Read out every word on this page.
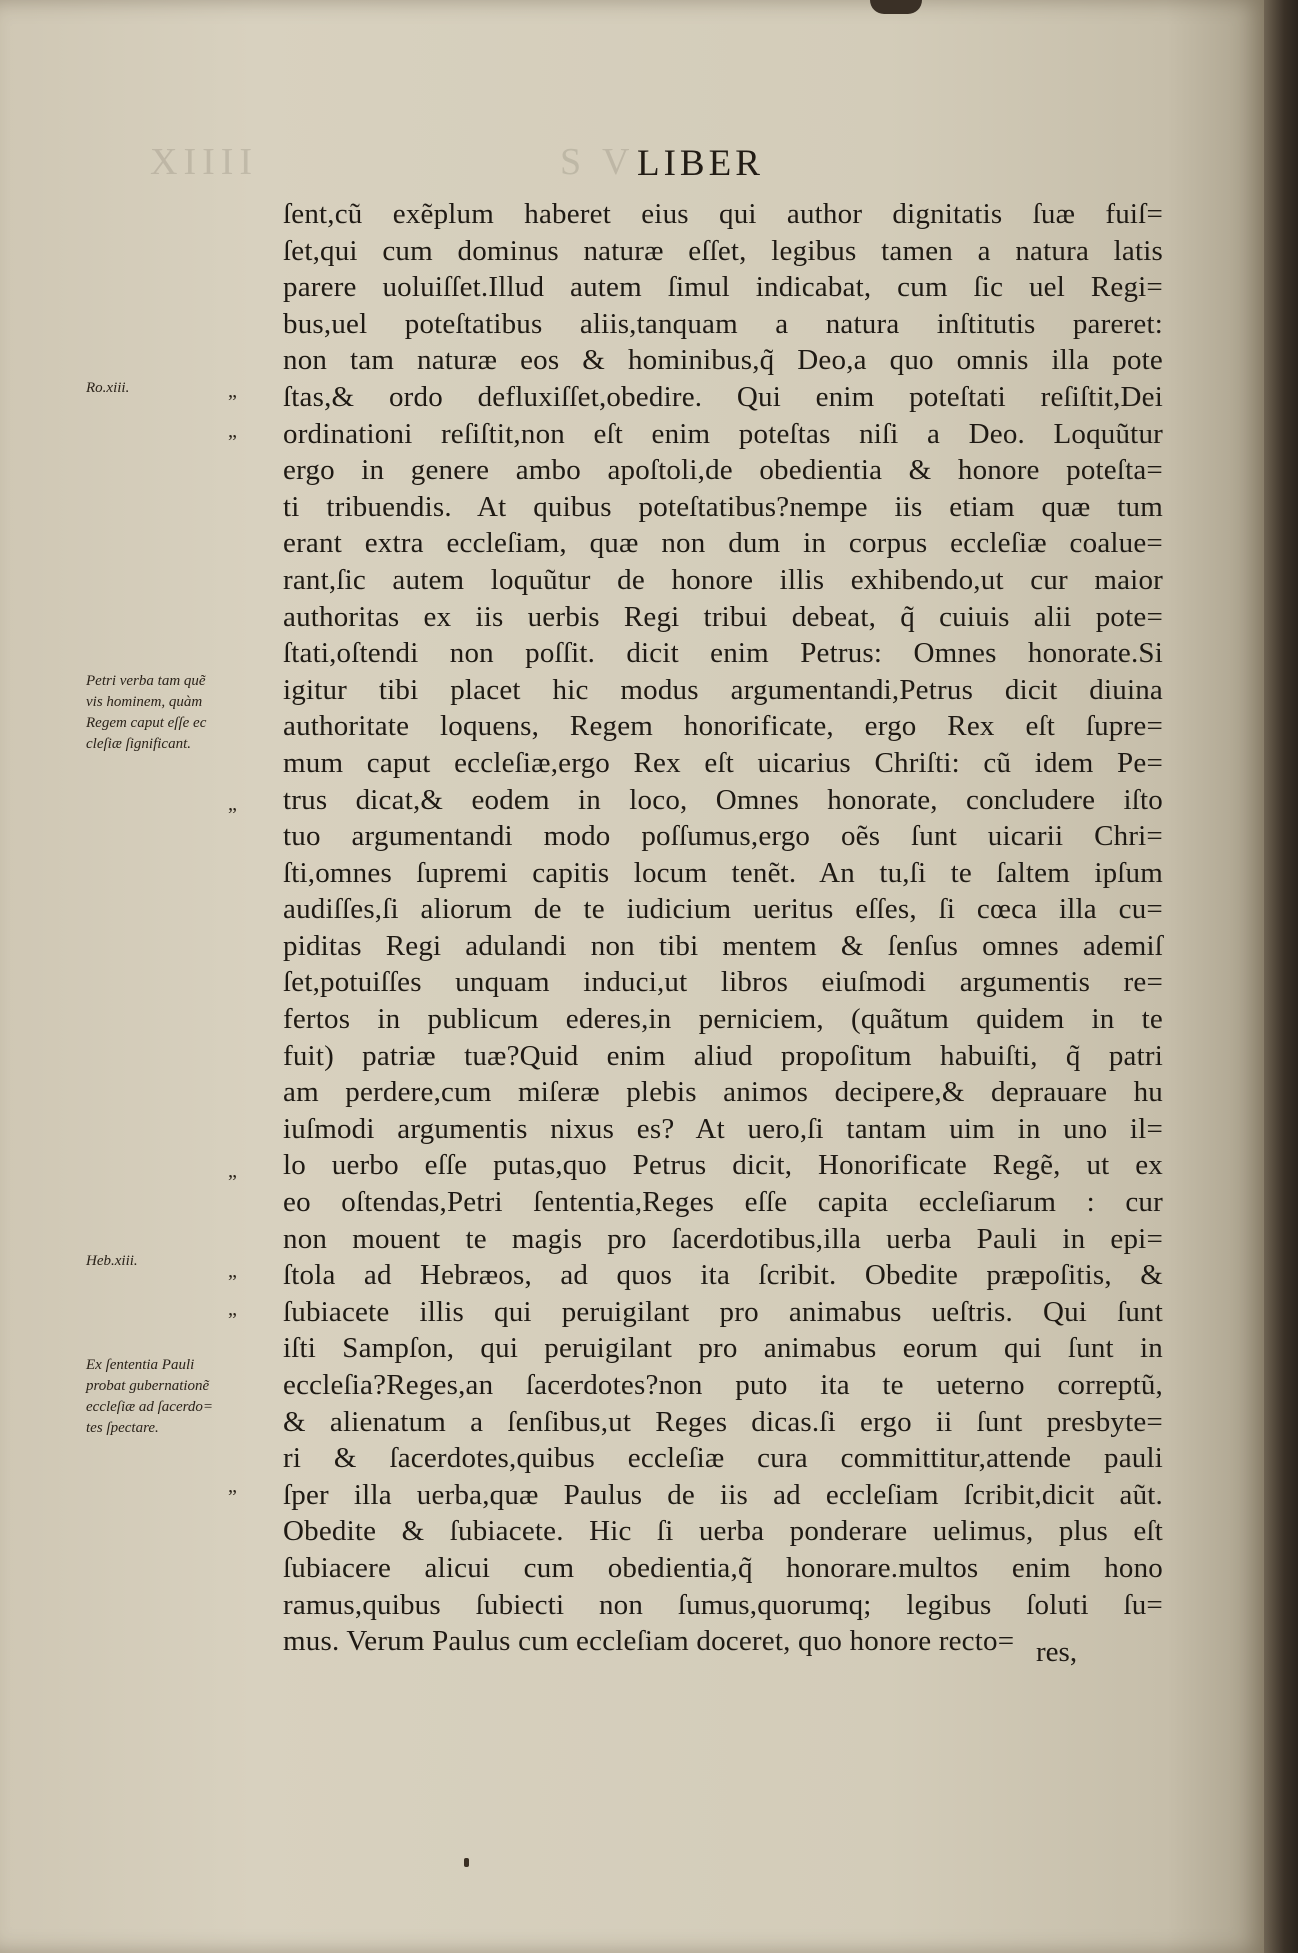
XIIII	S V LIBER
ſent,cũ exẽplum haberet eius qui author dignitatis ſuæ fuiſ=
ſet,qui cum dominus naturæ eſſet, legibus tamen a natura latis
parere uoluiſſet.Illud autem ſimul indicabat, cum ſic uel Regi=
bus,uel poteſtatibus aliis,tanquam a natura inſtitutis pareret:
non tam naturæ eos & hominibus,q̃ Deo,a quo omnis illa pote
ſtas,& ordo defluxiſſet,obedire. Qui enim poteſtati reſiſtit,Dei
ordinationi reſiſtit,non eſt enim poteſtas niſi a Deo. Loquũtur
ergo in genere ambo apoſtoli,de obedientia & honore poteſta=
ti tribuendis. At quibus poteſtatibus?nempe iis etiam quæ tum
erant extra eccleſiam, quæ non dum in corpus eccleſiæ coalue=
rant,ſic autem loquũtur de honore illis exhibendo,ut cur maior
authoritas ex iis uerbis Regi tribui debeat, q̃ cuiuis alii pote=
ſtati,oſtendi non poſſit. dicit enim Petrus: Omnes honorate.Si
igitur tibi placet hic modus argumentandi,Petrus dicit diuina
authoritate loquens, Regem honorificate, ergo Rex eſt ſupre=
mum caput eccleſiæ,ergo Rex eſt uicarius Chriſti: cũ idem Pe=
trus dicat,& eodem in loco, Omnes honorate, concludere iſto
tuo argumentandi modo poſſumus,ergo oẽs ſunt uicarii Chri=
ſti,omnes ſupremi capitis locum tenẽt. An tu,ſi te ſaltem ipſum
audiſſes,ſi aliorum de te iudicium ueritus eſſes, ſi cœca illa cu=
piditas Regi adulandi non tibi mentem & ſenſus omnes ademiſ
ſet,potuiſſes unquam induci,ut libros eiuſmodi argumentis re=
fertos in publicum ederes,in perniciem, (quãtum quidem in te
fuit) patriæ tuæ?Quid enim aliud propoſitum habuiſti, q̃ patri
am perdere,cum miſeræ plebis animos decipere,& deprauare hu
iuſmodi argumentis nixus es? At uero,ſi tantam uim in uno il=
lo uerbo eſſe putas,quo Petrus dicit, Honorificate Regẽ, ut ex
eo oſtendas,Petri ſententia,Reges eſſe capita eccleſiarum : cur
non mouent te magis pro ſacerdotibus,illa uerba Pauli in epi=
ſtola ad Hebræos, ad quos ita ſcribit. Obedite præpoſitis, &
ſubiacete illis qui peruigilant pro animabus ueſtris. Qui ſunt
iſti Sampſon, qui peruigilant pro animabus eorum qui ſunt in
eccleſia?Reges,an ſacerdotes?non puto ita te ueterno correptũ,
& alienatum a ſenſibus,ut Reges dicas.ſi ergo ii ſunt presbyte=
ri & ſacerdotes,quibus eccleſiæ cura committitur,attende pauli
ſper illa uerba,quæ Paulus de iis ad eccleſiam ſcribit,dicit aũt.
Obedite & ſubiacete. Hic ſi uerba ponderare uelimus, plus eſt
ſubiacere alicui cum obedientia,q̃ honorare.multos enim hono
ramus,quibus ſubiecti non ſumus,quorumq; legibus ſoluti ſu=
mus. Verum Paulus cum eccleſiam doceret, quo honore recto= res,
Ro.xiii.
Petri verba tam quẽ
vis hominem, quàm
Regem caput eſſe ec
cleſiæ ſignificant.
Heb.xiii.
Ex ſententia Pauli
probat gubernationẽ
eccleſiæ ad ſacerdo=
tes ſpectare.
„
„
„
„
„
„
„
